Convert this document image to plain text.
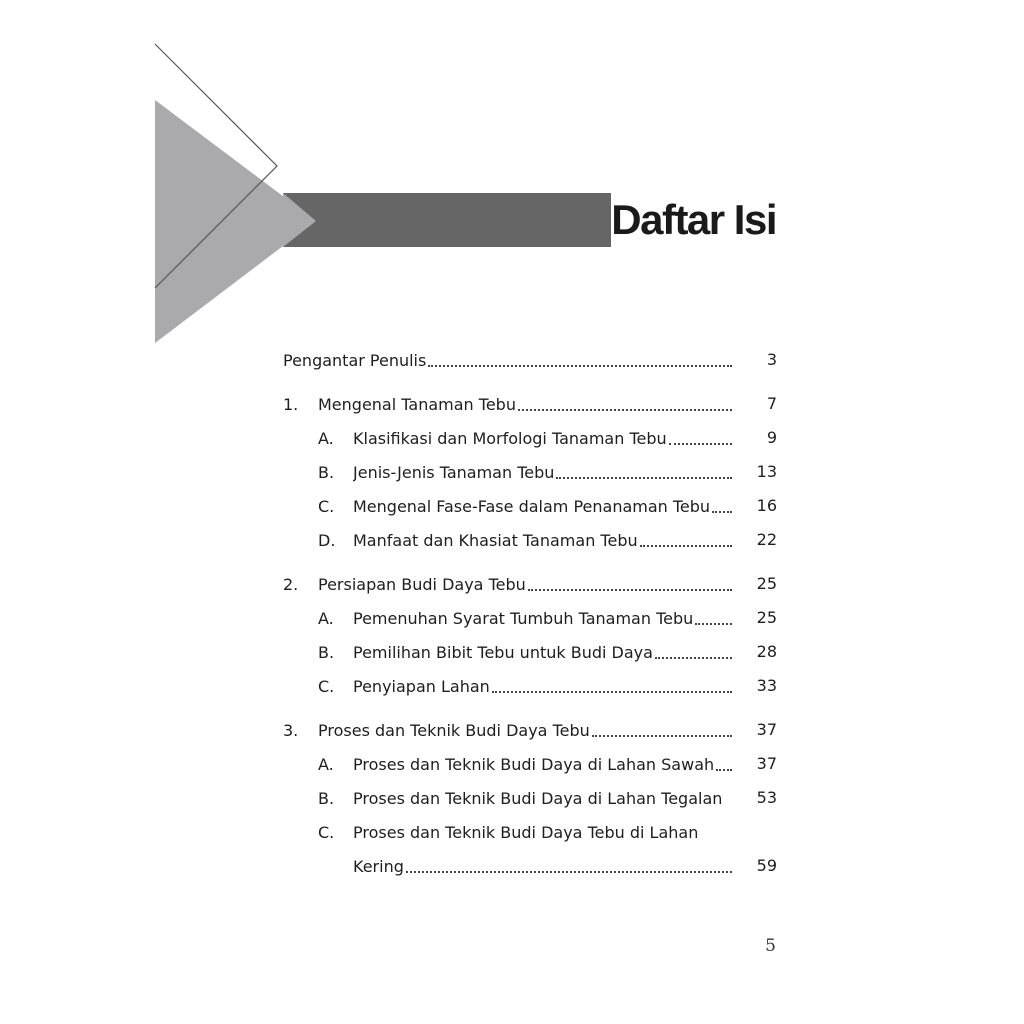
Daftar Isi
Pengantar Penulis	3
1.	Mengenal Tanaman Tebu	7
A.	Klasifikasi dan Morfologi Tanaman Tebu	9
B.	Jenis-Jenis Tanaman Tebu	13
C.	Mengenal Fase-Fase dalam Penanaman Tebu	16
D.	Manfaat dan Khasiat Tanaman Tebu	22
2.	Persiapan Budi Daya Tebu	25
A.	Pemenuhan Syarat Tumbuh Tanaman Tebu	25
B.	Pemilihan Bibit Tebu untuk Budi Daya	28
C.	Penyiapan Lahan	33
3.	Proses dan Teknik Budi Daya Tebu	37
A.	Proses dan Teknik Budi Daya di Lahan Sawah	37
B.	Proses dan Teknik Budi Daya di Lahan Tegalan 53
C.	Proses dan Teknik Budi Daya Tebu di Lahan
Kering	59
5
